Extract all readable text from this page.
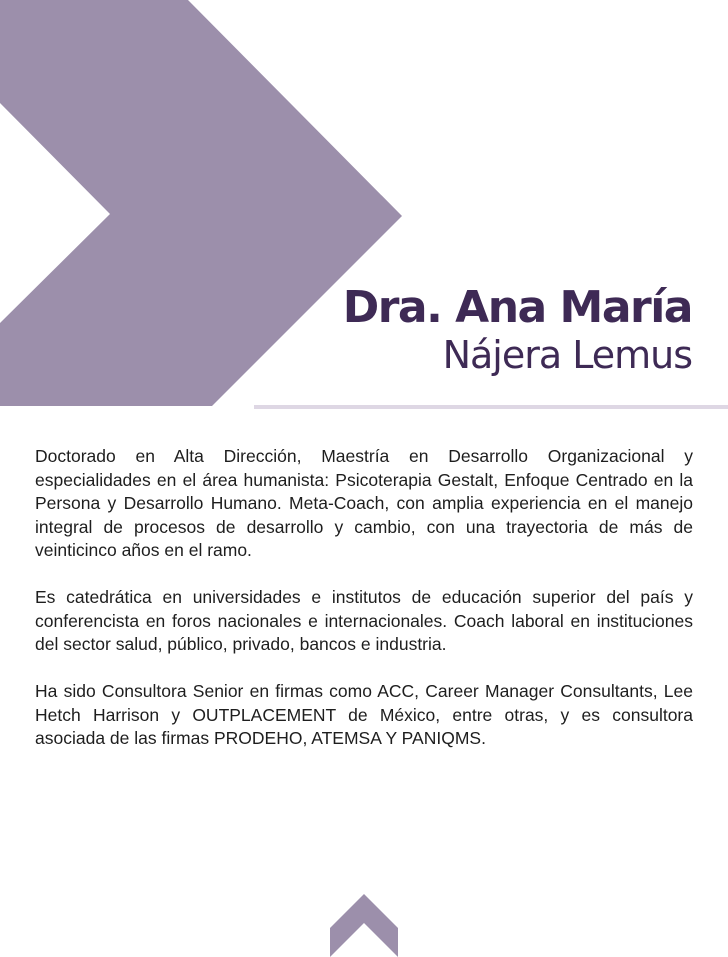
Dra. Ana María
Nájera Lemus

Doctorado en Alta Dirección, Maestría en Desarrollo Organizacional y especialidades en el área humanista: Psicoterapia Gestalt, Enfoque Centrado en la Persona y Desarrollo Humano. Meta-Coach, con amplia experiencia en el manejo integral de procesos de desarrollo y cambio, con una trayectoria de más de veinticinco años en el ramo.

Es catedrática en universidades e institutos de educación superior del país y conferencista en foros nacionales e internacionales. Coach laboral en instituciones del sector salud, público, privado, bancos e industria.

Ha sido Consultora Senior en firmas como ACC, Career Manager Consultants, Lee Hetch Harrison y OUTPLACEMENT de México, entre otras, y es consultora asociada de las firmas PRODEHO, ATEMSA Y PANIQMS.
